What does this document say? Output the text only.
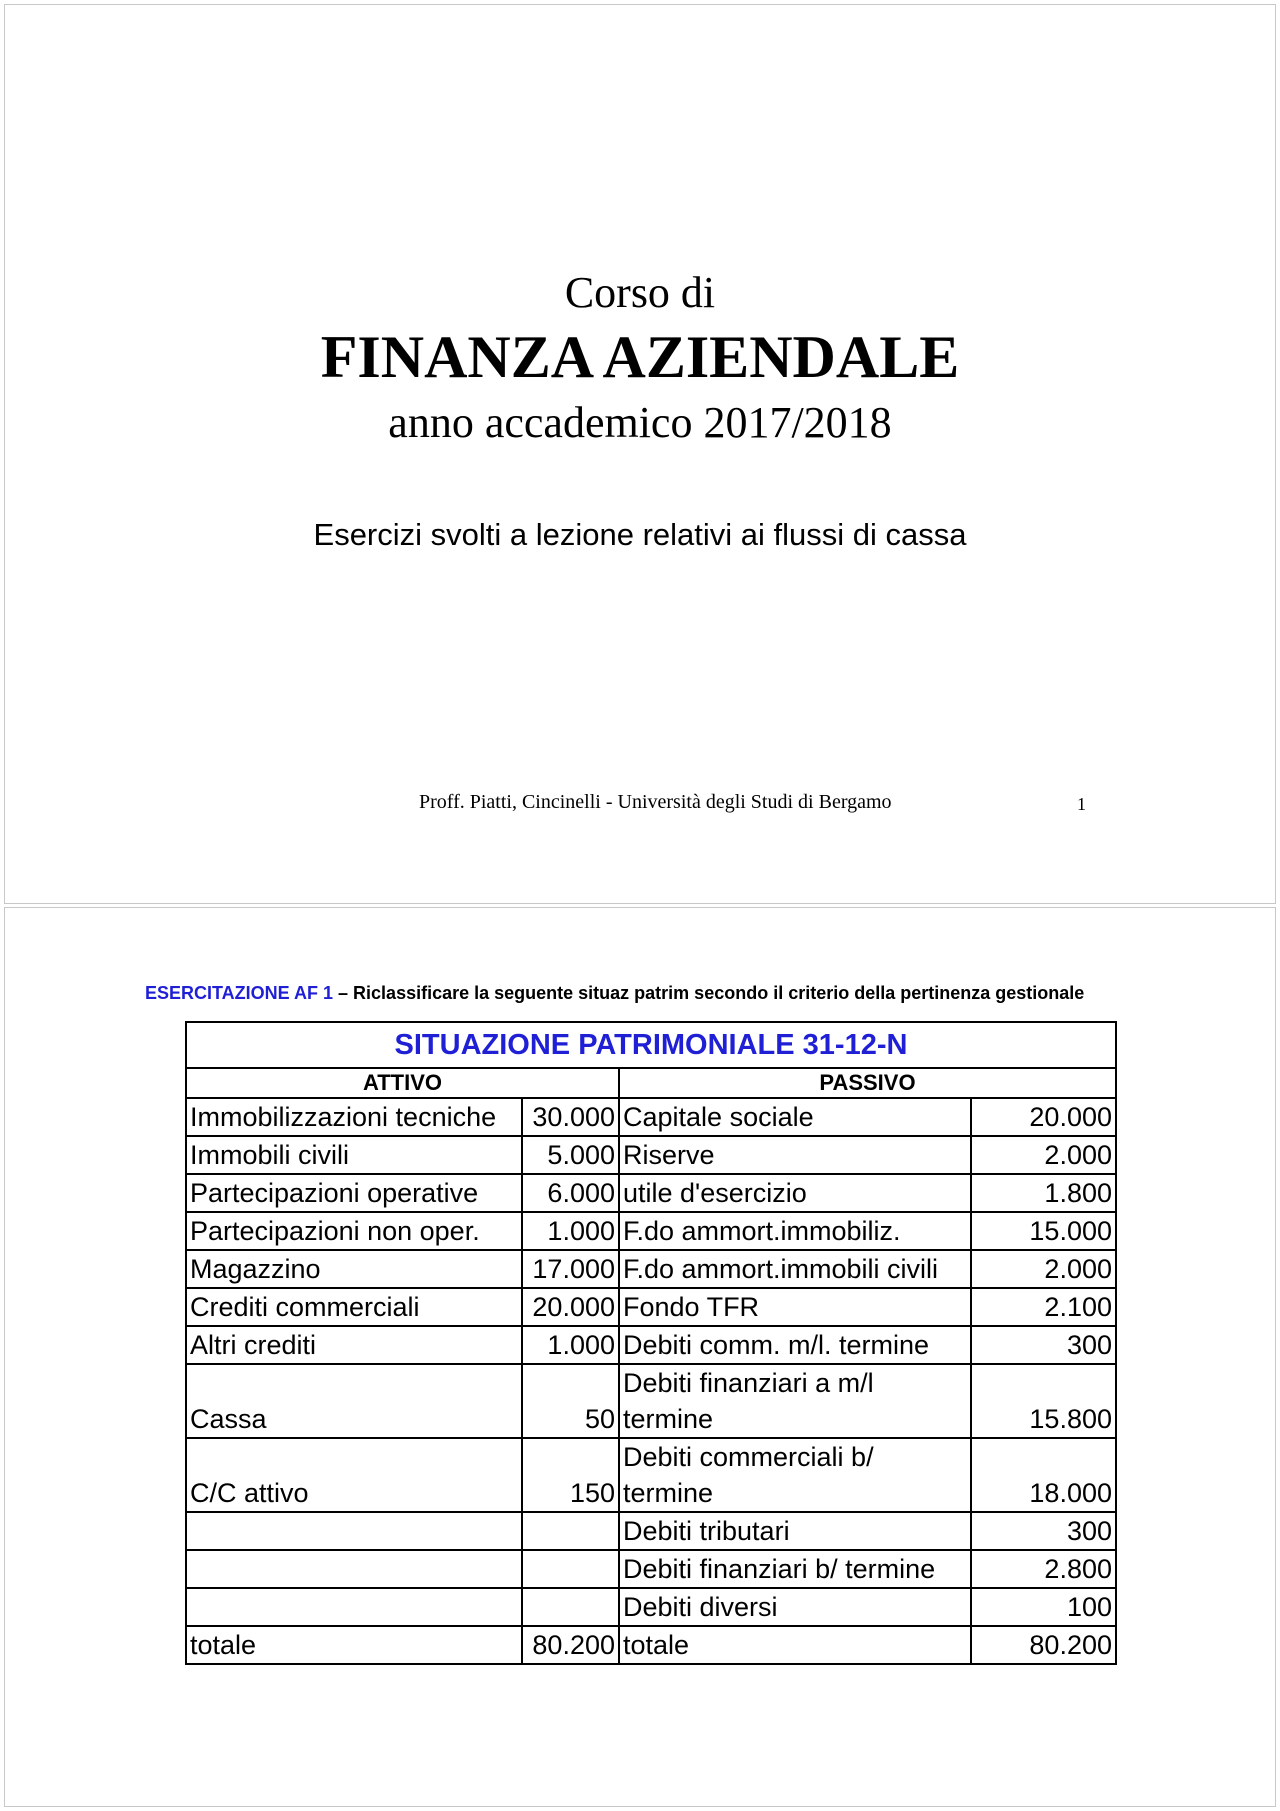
Corso di
FINANZA AZIENDALE
anno accademico 2017/2018
Esercizi svolti a lezione relativi ai flussi di cassa
Proff. Piatti, Cincinelli - Università degli Studi di Bergamo	1
ESERCITAZIONE AF 1 – Riclassificare la seguente situaz patrim secondo il criterio della pertinenza gestionale
SITUAZIONE PATRIMONIALE 31-12-N			
ATTIVO		PASSIVO	
Immobilizzazioni tecniche	30.000	Capitale sociale	20.000
Immobili civili	5.000	Riserve	2.000
Partecipazioni operative	6.000	utile d'esercizio	1.800
Partecipazioni non oper.	1.000	F.do ammort.immobiliz.	15.000
Magazzino	17.000	F.do ammort.immobili civili	2.000
Crediti commerciali	20.000	Fondo TFR	2.100
Altri crediti	1.000	Debiti comm. m/l. termine	300
Cassa	50	Debiti finanziari a m/l termine	15.800
C/C attivo	150	Debiti commerciali b/ termine	18.000
		Debiti tributari	300
		Debiti finanziari b/ termine	2.800
		Debiti diversi	100
totale	80.200	totale	80.200
